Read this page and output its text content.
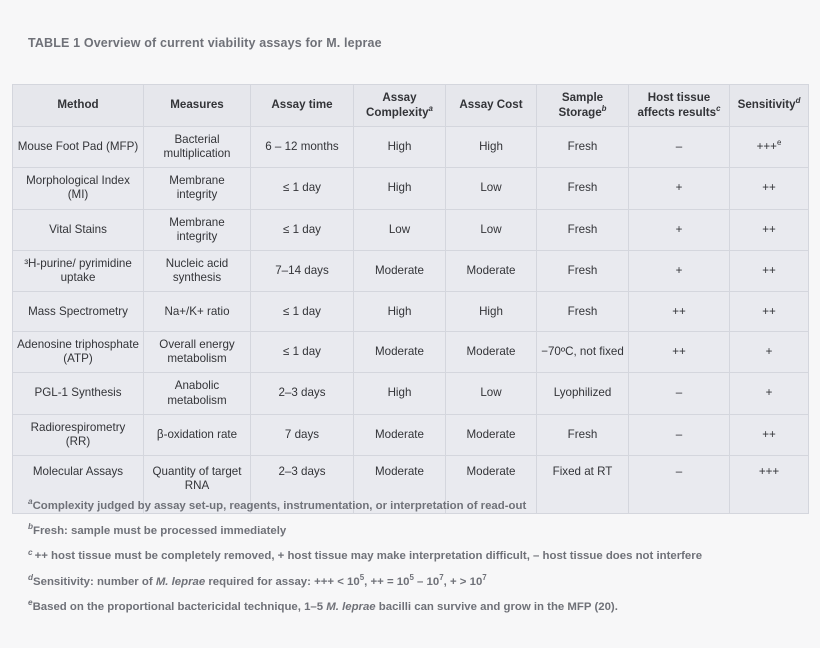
TABLE 1 Overview of current viability assays for M. leprae
Method	Measures	Assay time	Assay Complexity$^a$	Assay Cost	Sample Storage$^b$	Host tissue affects results$^c$	Sensitivity$^d$
Mouse Foot Pad (MFP)	Bacterial multiplication	6 – 12 months	High	High	Fresh	–	+++$^e$
Morphological Index (MI)	Membrane integrity	≤ 1 day	High	Low	Fresh	+	++
Vital Stains	Membrane integrity	≤ 1 day	Low	Low	Fresh	+	++
³H-purine/ pyrimidine uptake	Nucleic acid synthesis	7–14 days	Moderate	Moderate	Fresh	+	++
Mass Spectrometry	Na+/K+ ratio	≤ 1 day	High	High	Fresh	++	++
Adenosine triphosphate (ATP)	Overall energy metabolism	≤ 1 day	Moderate	Moderate	−70ºC, not fixed	++	+
PGL-1 Synthesis	Anabolic metabolism	2–3 days	High	Low	Lyophilized	–	+
Radiorespirometry (RR)	β-oxidation rate	7 days	Moderate	Moderate	Fresh	–	++
Molecular Assays	Quantity of target RNA	2–3 days	Moderate	Moderate	Fixed at RT	–	+++
$^a$Complexity judged by assay set-up, reagents, instrumentation, or interpretation of read-out
$^b$Fresh: sample must be processed immediately
$^c$ ++ host tissue must be completely removed, + host tissue may make interpretation difficult, – host tissue does not interfere
$^d$Sensitivity: number of M. leprae required for assay: +++ < $10^5$, ++ = $10^5 - 10^7$, + > $10^7$
$^e$Based on the proportional bactericidal technique, 1–5 M. leprae bacilli can survive and grow in the MFP (20).
